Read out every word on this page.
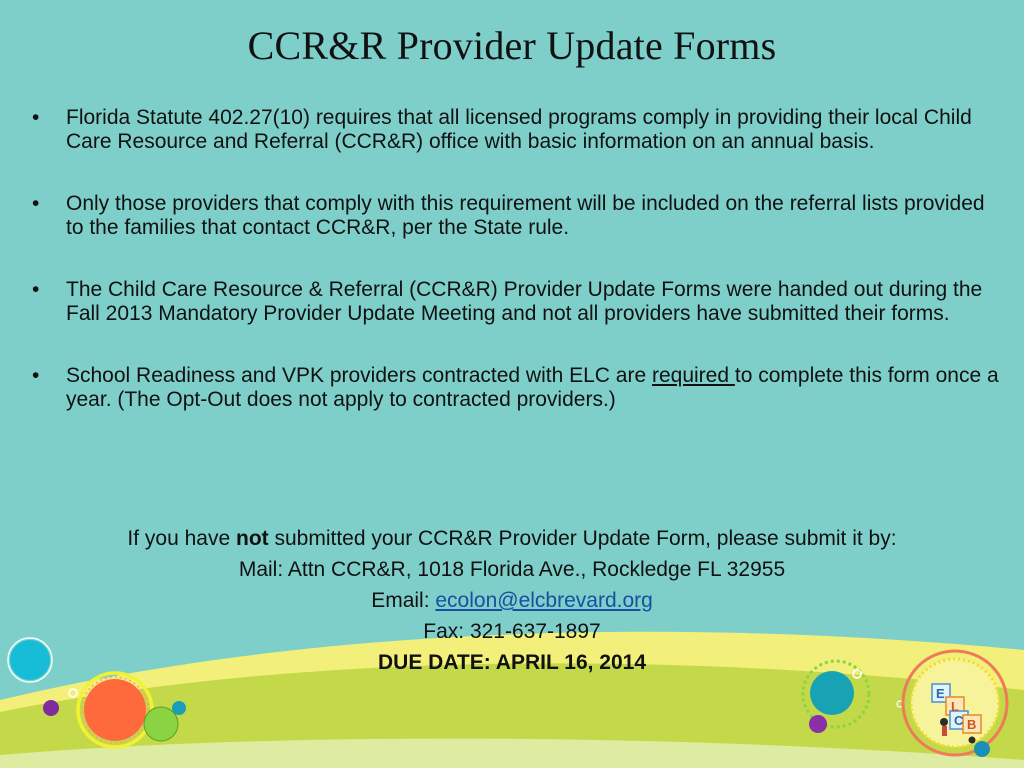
E
L
C B
CCR&R Provider Update Forms
• Florida Statute 402.27(10) requires that all licensed programs comply in providing their local Child Care Resource and Referral (CCR&R) office with basic information on an annual basis.
• Only those providers that comply with this requirement will be included on the referral lists provided to the families that contact CCR&R, per the State rule.
• The Child Care Resource & Referral (CCR&R) Provider Update Forms were handed out during the Fall 2013 Mandatory Provider Update Meeting and not all providers have submitted their forms.
• School Readiness and VPK providers contracted with ELC are required to complete this form once a year. (The Opt-Out does not apply to contracted providers.)
If you have not submitted your CCR&R Provider Update Form, please submit it by:
Mail: Attn CCR&R, 1018 Florida Ave., Rockledge FL 32955
Email: ecolon@elcbrevard.org
Fax: 321-637-1897
DUE DATE: APRIL 16, 2014
